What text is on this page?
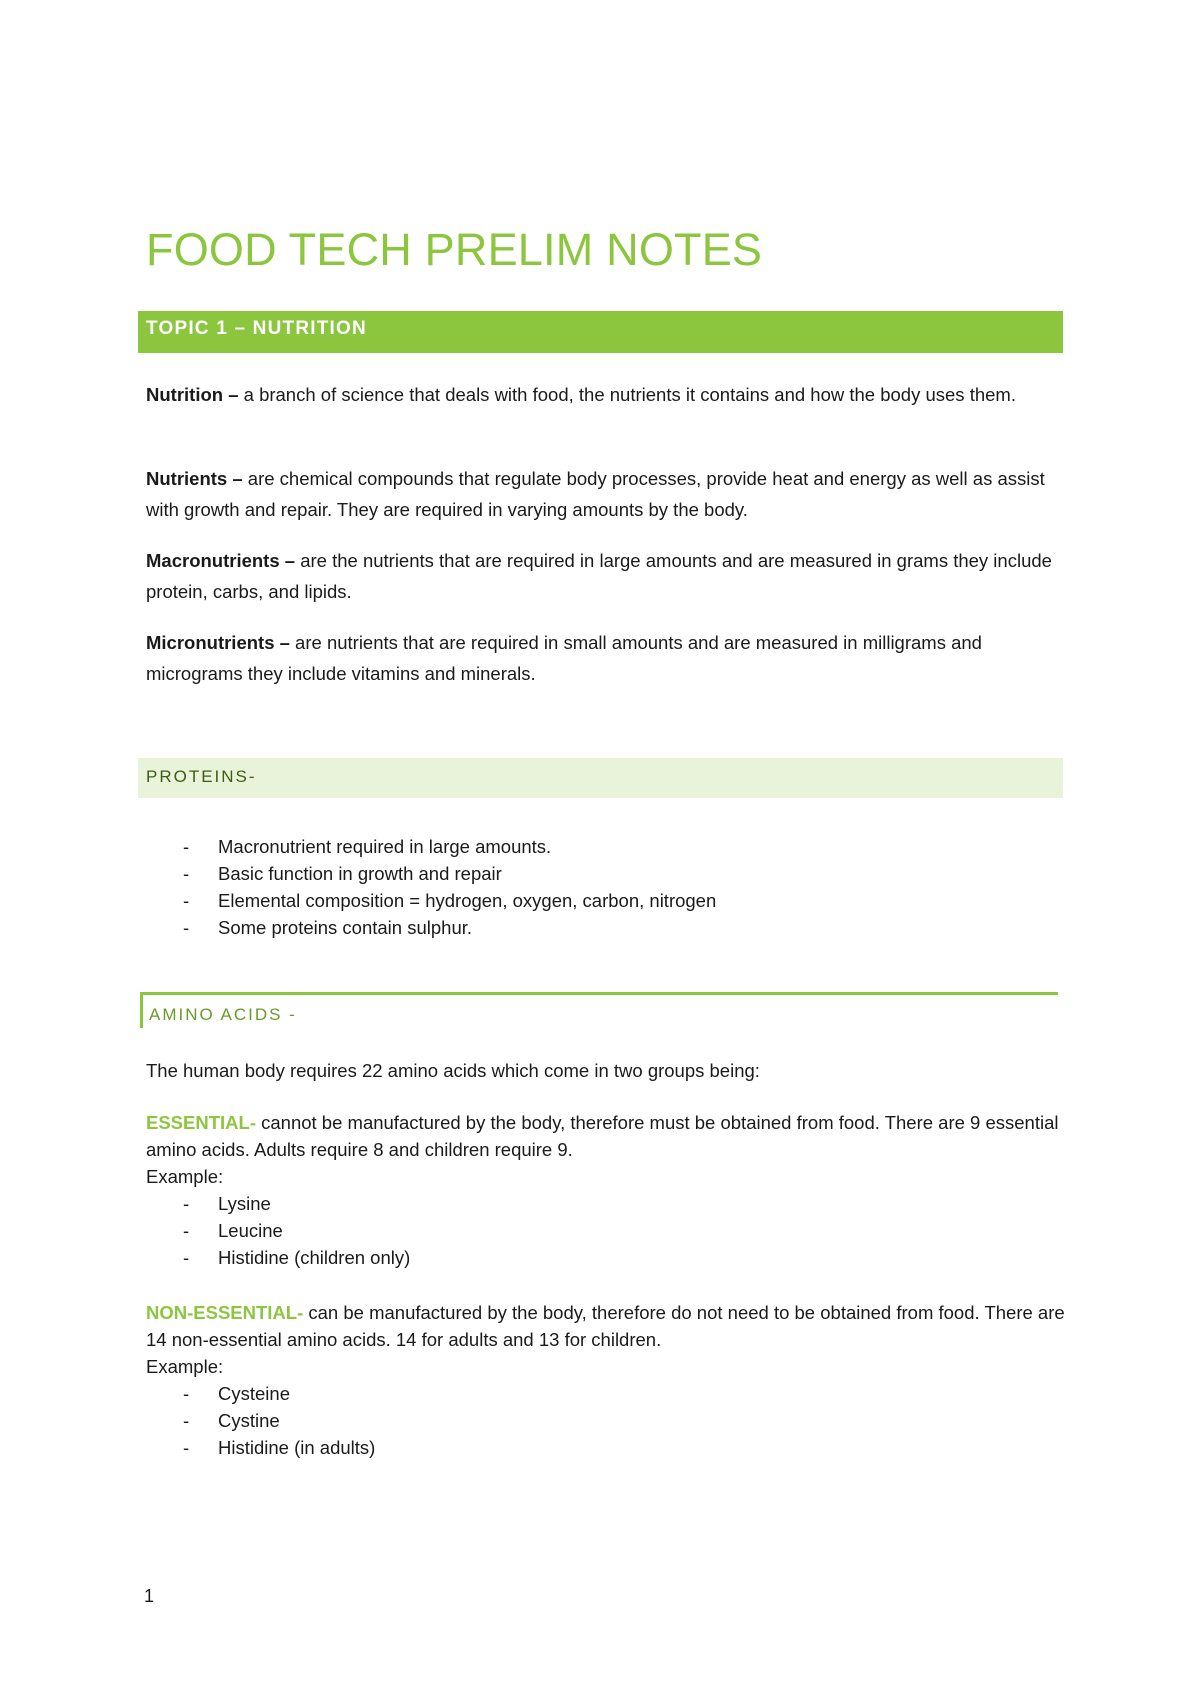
FOOD TECH PRELIM NOTES
TOPIC 1 – NUTRITION

Nutrition – a branch of science that deals with food, the nutrients it contains and how the body uses them.

Nutrients – are chemical compounds that regulate body processes, provide heat and energy as well as assist with growth and repair. They are required in varying amounts by the body.

Macronutrients – are the nutrients that are required in large amounts and are measured in grams they include protein, carbs, and lipids.

Micronutrients – are nutrients that are required in small amounts and are measured in milligrams and micrograms they include vitamins and minerals.

PROTEINS-
- Macronutrient required in large amounts.
- Basic function in growth and repair
- Elemental composition = hydrogen, oxygen, carbon, nitrogen
- Some proteins contain sulphur.
AMINO ACIDS -

The human body requires 22 amino acids which come in two groups being:

ESSENTIAL- cannot be manufactured by the body, therefore must be obtained from food. There are 9 essential amino acids. Adults require 8 and children require 9.

Example:

- Lysine
- Leucine
- Histidine (children only)

NON-ESSENTIAL- can be manufactured by the body, therefore do not need to be obtained from food. There are 14 non-essential amino acids. 14 for adults and 13 for children.

Example:

- Cysteine
- Cystine
- Histidine (in adults)
1
